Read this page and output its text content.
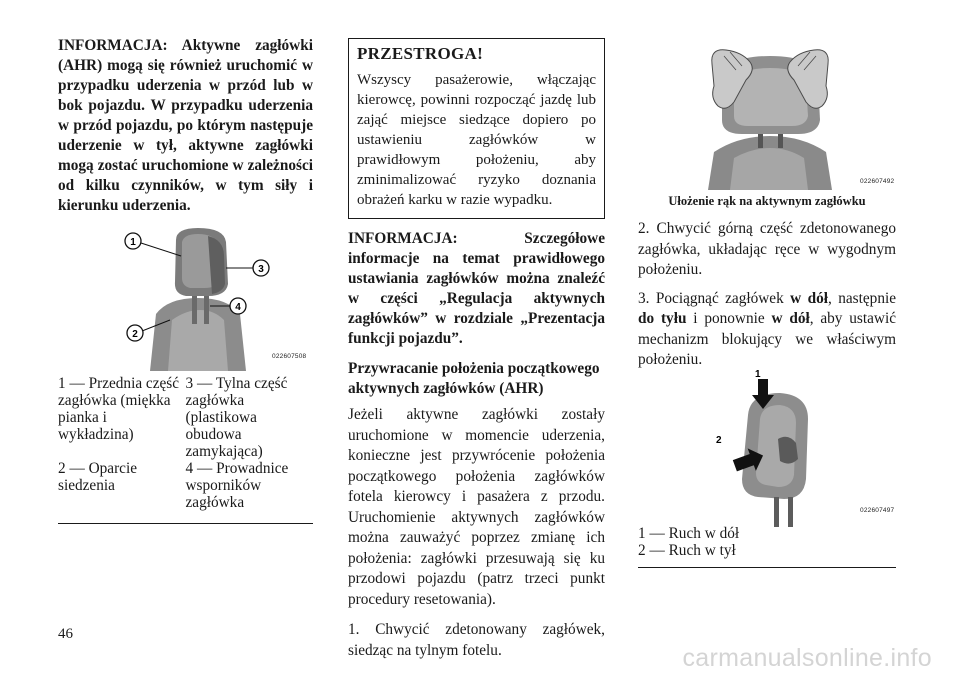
INFORMACJA: Aktywne zagłówki (AHR) mogą się również uruchomić w przypadku uderzenia w przód lub w bok pojazdu. W przypadku uderzenia w przód pojazdu, po którym następuje uderzenie w tył, aktywne zagłówki mogą zostać uruchomione w zależności od kilku czynników, w tym siły i kierunku uderzenia.

1
2
3
4
022607508
1 — Przednia część zagłówka (miękka pianka i wykładzina)
3 — Tylna część zagłówka (plastikowa obudowa zamykająca)
2 — Oparcie siedzenia
4 — Prowadnice wsporników zagłówka
PRZESTROGA!

Wszyscy pasażerowie, włączając kierowcę, powinni rozpocząć jazdę lub zająć miejsce siedzące dopiero po ustawieniu zagłówków w prawidłowym położeniu, aby zminimalizować ryzyko doznania obrażeń karku w razie wypadku.

INFORMACJA: Szczegółowe informacje na temat prawidłowego ustawiania zagłówków można znaleźć w części „Regulacja aktywnych zagłówków” w rozdziale „Prezentacja funkcji pojazdu”.

Przywracanie położenia początkowego aktywnych zagłówków (AHR)

Jeżeli aktywne zagłówki zostały uruchomione w momencie uderzenia, konieczne jest przywrócenie położenia początkowego położenia zagłówków fotela kierowcy i pasażera z przodu. Uruchomienie aktywnych zagłówków można zauważyć poprzez zmianę ich położenia: zagłówki przesuwają się ku przodowi pojazdu (patrz trzeci punkt procedury resetowania).

1. Chwycić zdetonowany zagłówek, siedząc na tylnym fotelu.

022607492
Ułożenie rąk na aktywnym zagłówku

2. Chwycić górną część zdetonowanego zagłówka, układając ręce w wygodnym położeniu.

3. Pociągnąć zagłówek w dół, następnie do tyłu i ponownie w dół, aby ustawić mechanizm blokujący we właściwym położeniu.

1
2
022607497
1 — Ruch w dół
2 — Ruch w tył
46
carmanualsonline.info
